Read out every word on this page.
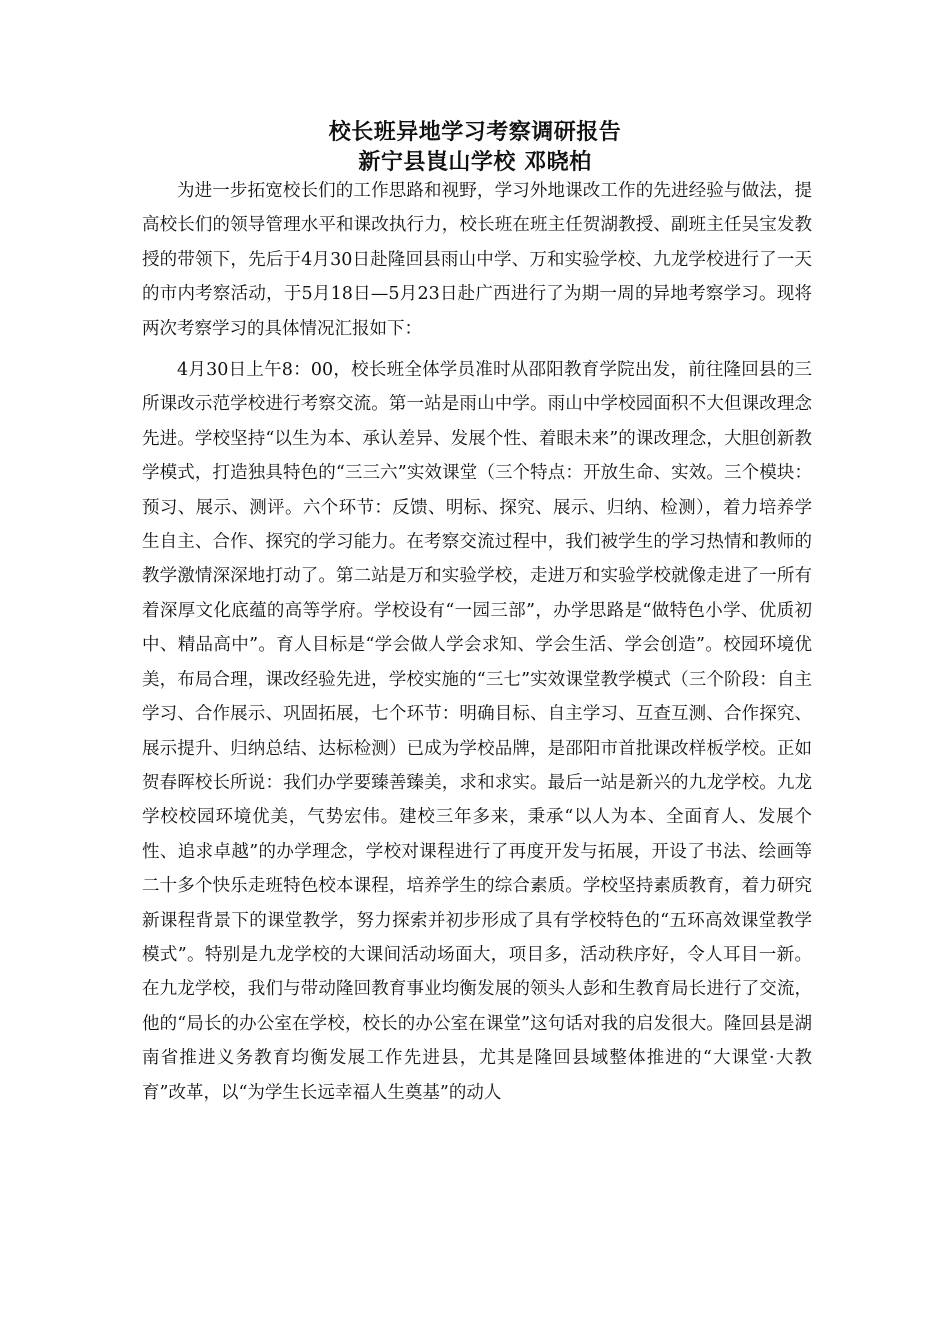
校长班异地学习考察调研报告

新宁县崀山学校 邓晓柏

为进一步拓宽校长们的工作思路和视野，学习外地课改工作的先进经验与做法，提高校长们的领导管理水平和课改执行力，校长班在班主任贺湖教授、副班主任吴宝发教授的带领下，先后于4月30日赴隆回县雨山中学、万和实验学校、九龙学校进行了一天的市内考察活动，于5月18日—5月23日赴广西进行了为期一周的异地考察学习。现将两次考察学习的具体情况汇报如下：

4月30日上午8：00，校长班全体学员准时从邵阳教育学院出发，前往隆回县的三所课改示范学校进行考察交流。第一站是雨山中学。雨山中学校园面积不大但课改理念先进。学校坚持“以生为本、承认差异、发展个性、着眼未来”的课改理念，大胆创新教学模式，打造独具特色的“三三六”实效课堂（三个特点：开放生命、实效。三个模块：预习、展示、测评。六个环节：反馈、明标、探究、展示、归纳、检测），着力培养学生自主、合作、探究的学习能力。在考察交流过程中，我们被学生的学习热情和教师的教学激情深深地打动了。第二站是万和实验学校，走进万和实验学校就像走进了一所有着深厚文化底蕴的高等学府。学校设有“一园三部”，办学思路是“做特色小学、优质初中、精品高中”。育人目标是“学会做人学会求知、学会生活、学会创造”。校园环境优美，布局合理，课改经验先进，学校实施的“三七”实效课堂教学模式（三个阶段：自主学习、合作展示、巩固拓展，七个环节：明确目标、自主学习、互查互测、合作探究、展示提升、归纳总结、达标检测）已成为学校品牌，是邵阳市首批课改样板学校。正如贺春晖校长所说：我们办学要臻善臻美，求和求实。最后一站是新兴的九龙学校。九龙学校校园环境优美，气势宏伟。建校三年多来，秉承“以人为本、全面育人、发展个性、追求卓越”的办学理念，学校对课程进行了再度开发与拓展，开设了书法、绘画等二十多个快乐走班特色校本课程，培养学生的综合素质。学校坚持素质教育，着力研究新课程背景下的课堂教学，努力探索并初步形成了具有学校特色的“五环高效课堂教学模式”。特别是九龙学校的大课间活动场面大，项目多，活动秩序好，令人耳目一新。在九龙学校，我们与带动隆回教育事业均衡发展的领头人彭和生教育局长进行了交流，他的“局长的办公室在学校，校长的办公室在课堂”这句话对我的启发很大。隆回县是湖南省推进义务教育均衡发展工作先进县，尤其是隆回县域整体推进的“大课堂·大教育”改革，以“为学生长远幸福人生奠基”的动人
